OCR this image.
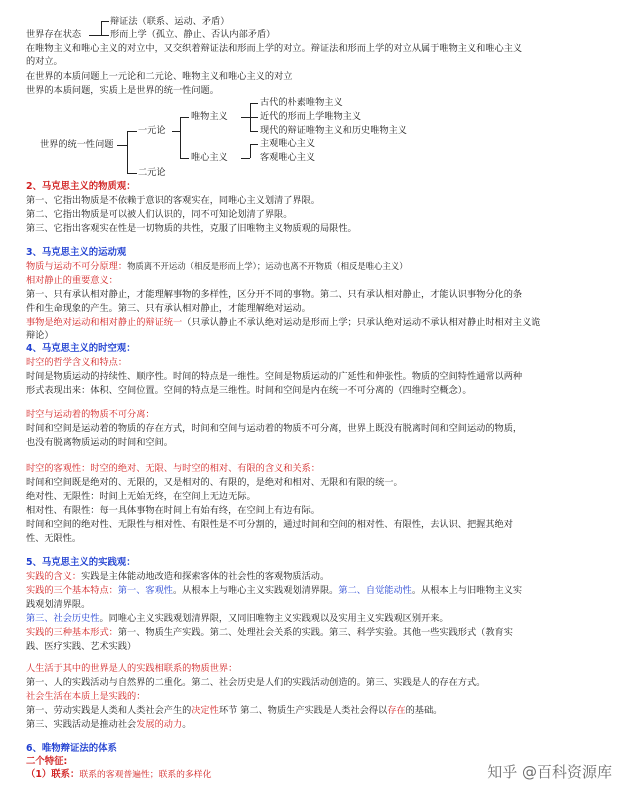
辩证法（联系、运动、矛盾）
世界存在状态	形而上学（孤立、静止、否认内部矛盾）
在唯物主义和唯心主义的对立中，又交织着辩证法和形而上学的对立。辩证法和形而上学的对立从属于唯物主义和唯心主义
的对立。
在世界的本质问题上一元论和二元论、唯物主义和唯心主义的对立
世界的本质问题，实质上是世界的统一性问题。
世界的统一性问题
一元论
二元论
唯物主义
唯心主义
古代的朴素唯物主义
近代的形而上学唯物主义
现代的辩证唯物主义和历史唯物主义
主观唯心主义
客观唯心主义
2、马克思主义的物质观：
第一、它指出物质是不依赖于意识的客观实在，同唯心主义划清了界限。
第二、它指出物质是可以被人们认识的，同不可知论划清了界限。
第三、它指出客观实在性是一切物质的共性，克服了旧唯物主义物质观的局限性。
3、马克思主义的运动观
物质与运动不可分原理：物质离不开运动（相反是形而上学）；运动也离不开物质（相反是唯心主义）
相对静止的重要意义：
第一、只有承认相对静止，才能理解事物的多样性，区分开不同的事物。第二、只有承认相对静止，才能认识事物分化的条
件和生命现象的产生。第三、只有承认相对静止，才能理解绝对运动。
事物是绝对运动和相对静止的辩证统一（只承认静止不承认绝对运动是形而上学；只承认绝对运动不承认相对静止时相对主义诡
辩论）
4、马克思主义的时空观：
时空的哲学含义和特点：
时间是物质运动的持续性、顺序性。时间的特点是一维性。空间是物质运动的广延性和伸张性。物质的空间特性通常以两种
形式表现出来：体积、空间位置。空间的特点是三维性。时间和空间是内在统一不可分离的（四维时空概念）。
时空与运动着的物质不可分离：
时间和空间是运动着的物质的存在方式，时间和空间与运动着的物质不可分离，世界上既没有脱离时间和空间运动的物质，
也没有脱离物质运动的时间和空间。
时空的客观性：时空的绝对、无限、与时空的相对、有限的含义和关系：
时间和空间既是绝对的、无限的，又是相对的、有限的，是绝对和相对、无限和有限的统一。
绝对性、无限性：时间上无始无终，在空间上无边无际。
相对性、有限性：每一具体事物在时间上有始有终，在空间上有边有际。
时间和空间的绝对性、无限性与相对性、有限性是不可分割的，通过时间和空间的相对性、有限性，去认识、把握其绝对
性、无限性。
5、马克思主义的实践观：
实践的含义：实践是主体能动地改造和探索客体的社会性的客观物质活动。
实践的三个基本特点：第一、客观性。从根本上与唯心主义实践观划清界限。第二、自觉能动性。从根本上与旧唯物主义实
践观划清界限。
第三、社会历史性。同唯心主义实践观划清界限，又同旧唯物主义实践观以及实用主义实践观区别开来。
实践的三种基本形式：第一、物质生产实践。第二、处理社会关系的实践。第三、科学实验。其他一些实践形式（教育实
践、医疗实践、艺术实践）
人生活于其中的世界是人的实践相联系的物质世界：
第一、人的实践活动与自然界的二重化。第二、社会历史是人们的实践活动创造的。第三、实践是人的存在方式。
社会生活在本质上是实践的：
第一、劳动实践是人类和人类社会产生的决定性环节 第二、物质生产实践是人类社会得以存在的基础。
第三、实践活动是推动社会发展的动力。
6、唯物辩证法的体系
二个特征:
（1）联系：联系的客观普遍性；联系的多样化	知乎 @百科资源库
